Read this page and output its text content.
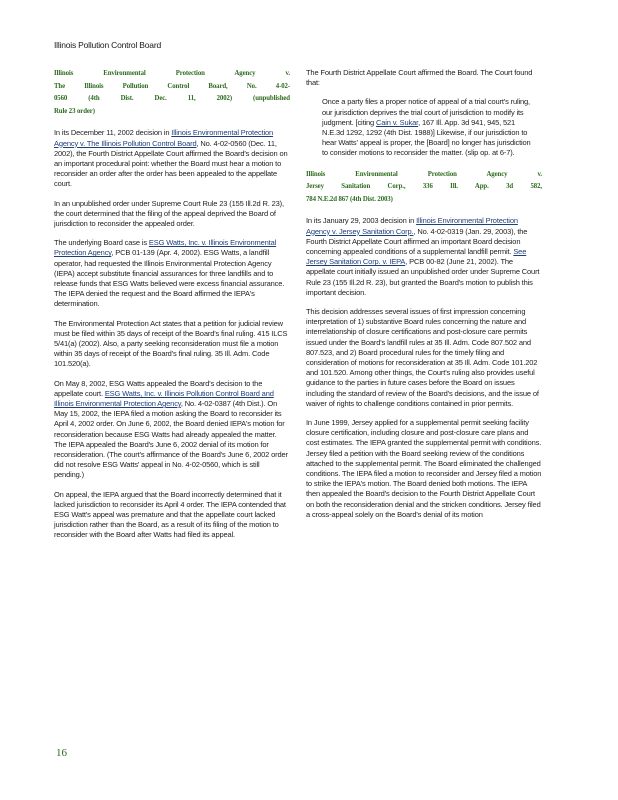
Illinois Pollution Control Board
Illinois Environmental Protection Agency v.
The Illinois Pollution Control Board, No. 4-02-
0560 (4th Dist. Dec. 11, 2002) (unpublished
Rule 23 order)

In its December 11, 2002 decision in Illinois Environmental Protection Agency v. The Illinois Pollution Control Board, No. 4-02-0560 (Dec. 11, 2002), the Fourth District Appellate Court affirmed the Board's decision on an important procedural point: whether the Board must hear a motion to reconsider an order after the order has been appealed to the appellate court.

In an unpublished order under Supreme Court Rule 23 (155 Ill.2d R. 23), the court determined that the filing of the appeal deprived the Board of jurisdiction to reconsider the appealed order.

The underlying Board case is ESG Watts, Inc. v. Illinois Environmental Protection Agency, PCB 01-139 (Apr. 4, 2002). ESG Watts, a landfill operator, had requested the Illinois Environmental Protection Agency (IEPA) accept substitute financial assurances for three landfills and to release funds that ESG Watts believed were excess financial assurance. The IEPA denied the request and the Board affirmed the IEPA's determination.

The Environmental Protection Act states that a petition for judicial review must be filed within 35 days of receipt of the Board's final ruling. 415 ILCS 5/41(a) (2002). Also, a party seeking reconsideration must file a motion within 35 days of receipt of the Board's final ruling. 35 Ill. Adm. Code 101.520(a).

On May 8, 2002, ESG Watts appealed the Board's decision to the appellate court. ESG Watts, Inc. v. Illinois Pollution Control Board and Illinois Environmental Protection Agency, No. 4-02-0387 (4th Dist.). On May 15, 2002, the IEPA filed a motion asking the Board to reconsider its April 4, 2002 order. On June 6, 2002, the Board denied IEPA's motion for reconsideration because ESG Watts had already appealed the matter. The IEPA appealed the Board's June 6, 2002 denial of its motion for reconsideration. (The court's affirmance of the Board's June 6, 2002 order did not resolve ESG Watts' appeal in No. 4-02-0560, which is still pending.)

On appeal, the IEPA argued that the Board incorrectly determined that it lacked jurisdiction to reconsider its April 4 order. The IEPA contended that ESG Watt's appeal was premature and that the appellate court lacked jurisdiction rather than the Board, as a result of its filing of the motion to reconsider with the Board after Watts had filed its appeal.

The Fourth District Appellate Court affirmed the Board. The Court found that:

Once a party files a proper notice of appeal of a trial court's ruling, our jurisdiction deprives the trial court of jurisdiction to modify its judgment. [citing Cain v. Sukar, 167 Ill. App. 3d 941, 945, 521 N.E.3d 1292, 1292 (4th Dist. 1988)] Likewise, if our jurisdiction to hear Watts' appeal is proper, the [Board] no longer has jurisdiction to consider motions to reconsider the matter. (slip op. at 6-7).

Illinois Environmental Protection Agency v.
Jersey Sanitation Corp., 336 Ill. App. 3d 582,
784 N.E.2d 867 (4th Dist. 2003)

In its January 29, 2003 decision in Illinois Environmental Protection Agency v. Jersey Sanitation Corp., No. 4-02-0319 (Jan. 29, 2003), the Fourth District Appellate Court affirmed an important Board decision concerning appealed conditions of a supplemental landfill permit. See Jersey Sanitation Corp. v. IEPA, PCB 00-82 (June 21, 2002). The appellate court initially issued an unpublished order under Supreme Court Rule 23 (155 Ill.2d R. 23), but granted the Board's motion to publish this important decision.

This decision addresses several issues of first impression concerning interpretation of 1) substantive Board rules concerning the nature and interrelationship of closure certifications and post-closure care permits issued under the Board's landfill rules at 35 Ill. Adm. Code 807.502 and 807.523, and 2) Board procedural rules for the timely filing and consideration of motions for reconsideration at 35 Ill. Adm. Code 101.202 and 101.520. Among other things, the Court's ruling also provides useful guidance to the parties in future cases before the Board on issues including the standard of review of the Board's decisions, and the issue of waiver of rights to challenge conditions contained in prior permits.

In June 1999, Jersey applied for a supplemental permit seeking facility closure certification, including closure and post-closure care plans and cost estimates. The IEPA granted the supplemental permit with conditions. Jersey filed a petition with the Board seeking review of the conditions attached to the supplemental permit. The Board eliminated the challenged conditions. The IEPA filed a motion to reconsider and Jersey filed a motion to strike the IEPA's motion. The Board denied both motions. The IEPA then appealed the Board's decision to the Fourth District Appellate Court on both the reconsideration denial and the stricken conditions. Jersey filed a cross-appeal solely on the Board's denial of its motion

16
